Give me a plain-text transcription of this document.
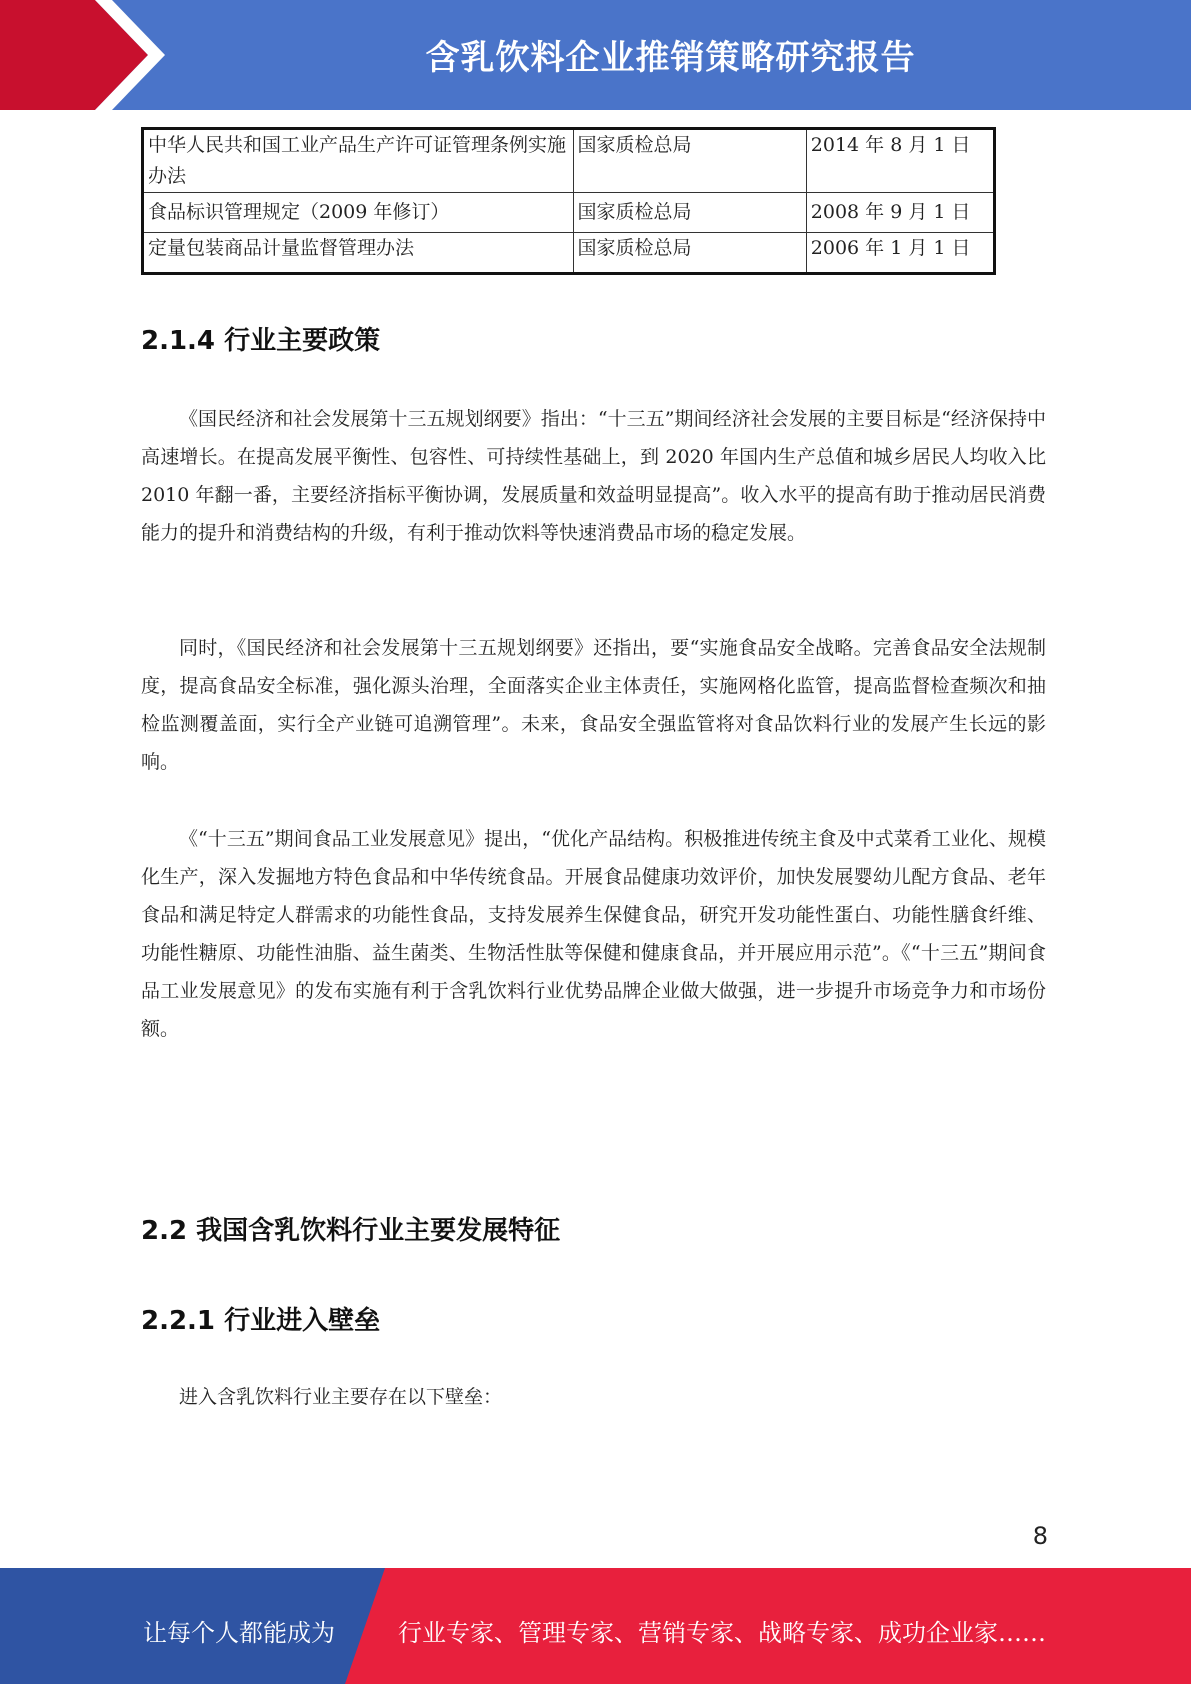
含乳饮料企业推销策略研究报告
中华人民共和国工业产品生产许可证管理条例实施办法	国家质检总局	2014 年 8 月 1 日
食品标识管理规定（2009 年修订）	国家质检总局	2008 年 9 月 1 日
定量包装商品计量监督管理办法	国家质检总局	2006 年 1 月 1 日
2.1.4 行业主要政策
《国民经济和社会发展第十三五规划纲要》指出：“十三五”期间经济社会发展的主要目标是“经济保持中高速增长。在提高发展平衡性、包容性、可持续性基础上，到 2020 年国内生产总值和城乡居民人均收入比 2010 年翻一番，主要经济指标平衡协调，发展质量和效益明显提高”。收入水平的提高有助于推动居民消费能力的提升和消费结构的升级，有利于推动饮料等快速消费品市场的稳定发展。
同时，《国民经济和社会发展第十三五规划纲要》还指出，要“实施食品安全战略。完善食品安全法规制度，提高食品安全标准，强化源头治理，全面落实企业主体责任，实施网格化监管，提高监督检查频次和抽检监测覆盖面，实行全产业链可追溯管理”。未来，食品安全强监管将对食品饮料行业的发展产生长远的影响。
《“十三五”期间食品工业发展意见》提出，“优化产品结构。积极推进传统主食及中式菜肴工业化、规模化生产，深入发掘地方特色食品和中华传统食品。开展食品健康功效评价，加快发展婴幼儿配方食品、老年食品和满足特定人群需求的功能性食品，支持发展养生保健食品，研究开发功能性蛋白、功能性膳食纤维、功能性糖原、功能性油脂、益生菌类、生物活性肽等保健和健康食品，并开展应用示范”。《“十三五”期间食品工业发展意见》的发布实施有利于含乳饮料行业优势品牌企业做大做强，进一步提升市场竞争力和市场份额。
2.2 我国含乳饮料行业主要发展特征
2.2.1 行业进入壁垒
进入含乳饮料行业主要存在以下壁垒：
8
让每个人都能成为	行业专家、管理专家、营销专家、战略专家、成功企业家……
